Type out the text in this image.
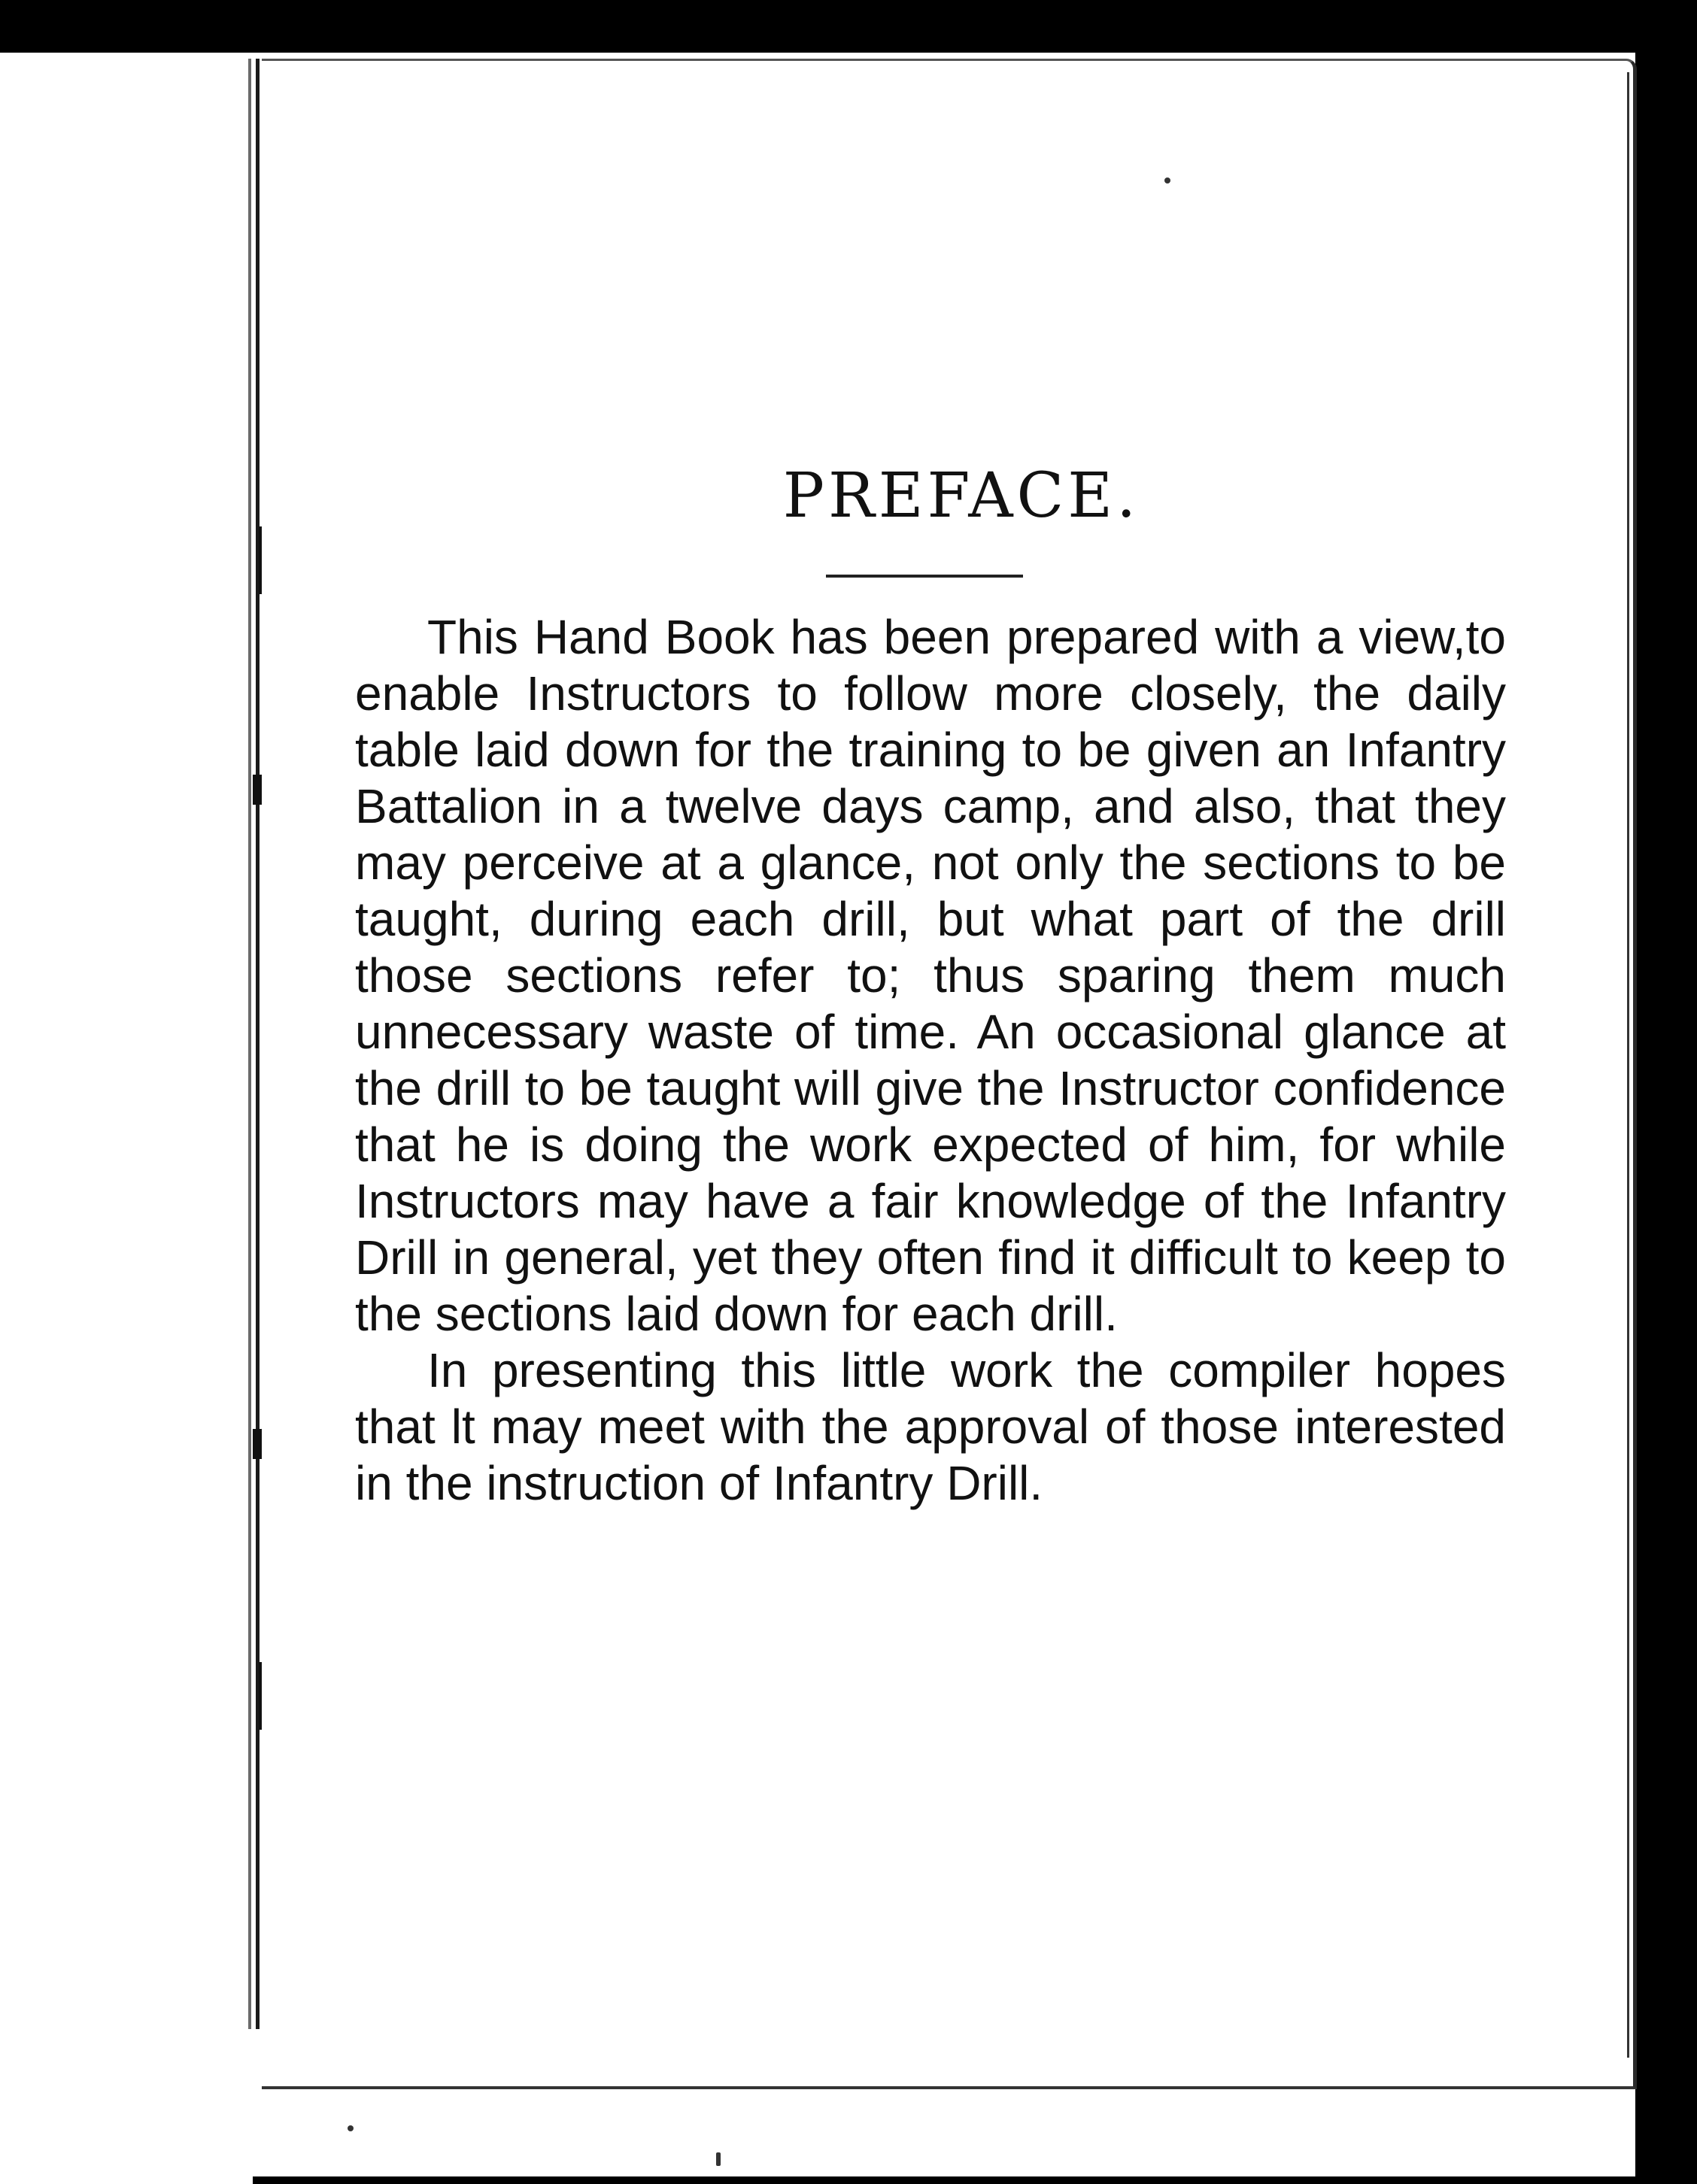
PREFACE.

This Hand Book has been prepared with a view,to enable Instructors to follow more closely, the daily table laid down for the training to be given an Infantry Battalion in a twelve days camp, and also, that they may perceive at a glance, not only the sections to be taught, during each drill, but what part of the drill those sections refer to; thus sparing them much unnecessary waste of time. An occasional glance at the drill to be taught will give the Instructor confidence that he is doing the work expected of him, for while Instructors may have a fair knowledge of the Infantry Drill in general, yet they often find it difficult to keep to the sections laid down for each drill.

In presenting this little work the compiler hopes that lt may meet with the approval of those interested in the instruction of Infantry Drill.
